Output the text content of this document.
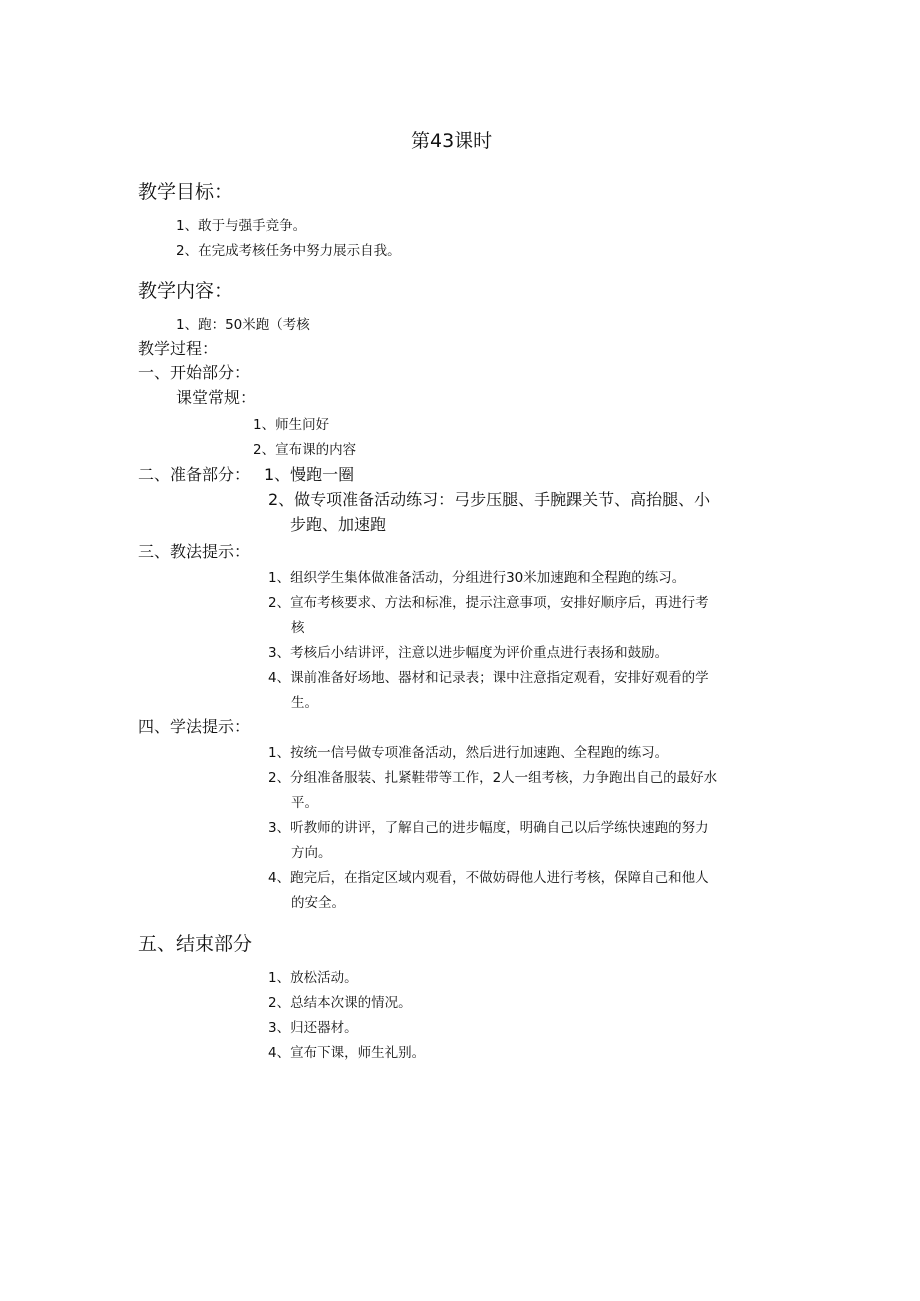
第43课时
教学目标：
1、敢于与强手竞争。
2、在完成考核任务中努力展示自我。
教学内容：
1、跑：50米跑（考核
教学过程：
一、开始部分：
课堂常规：
1、师生问好
2、宣布课的内容
二、准备部分： 1、慢跑一圈
2、做专项准备活动练习：弓步压腿、手腕踝关节、高抬腿、小
步跑、加速跑
三、教法提示：
1、组织学生集体做准备活动，分组进行30米加速跑和全程跑的练习。
2、宣布考核要求、方法和标准，提示注意事项，安排好顺序后，再进行考
核
3、考核后小结讲评，注意以进步幅度为评价重点进行表扬和鼓励。
4、课前准备好场地、器材和记录表；课中注意指定观看，安排好观看的学
生。
四、学法提示：
1、按统一信号做专项准备活动，然后进行加速跑、全程跑的练习。
2、分组准备服装、扎紧鞋带等工作，2人一组考核，力争跑出自己的最好水
平。
3、听教师的讲评，了解自己的进步幅度，明确自己以后学练快速跑的努力
方向。
4、跑完后，在指定区域内观看，不做妨碍他人进行考核，保障自己和他人
的安全。
五、结束部分
1、放松活动。
2、总结本次课的情况。
3、归还器材。
4、宣布下课，师生礼别。
